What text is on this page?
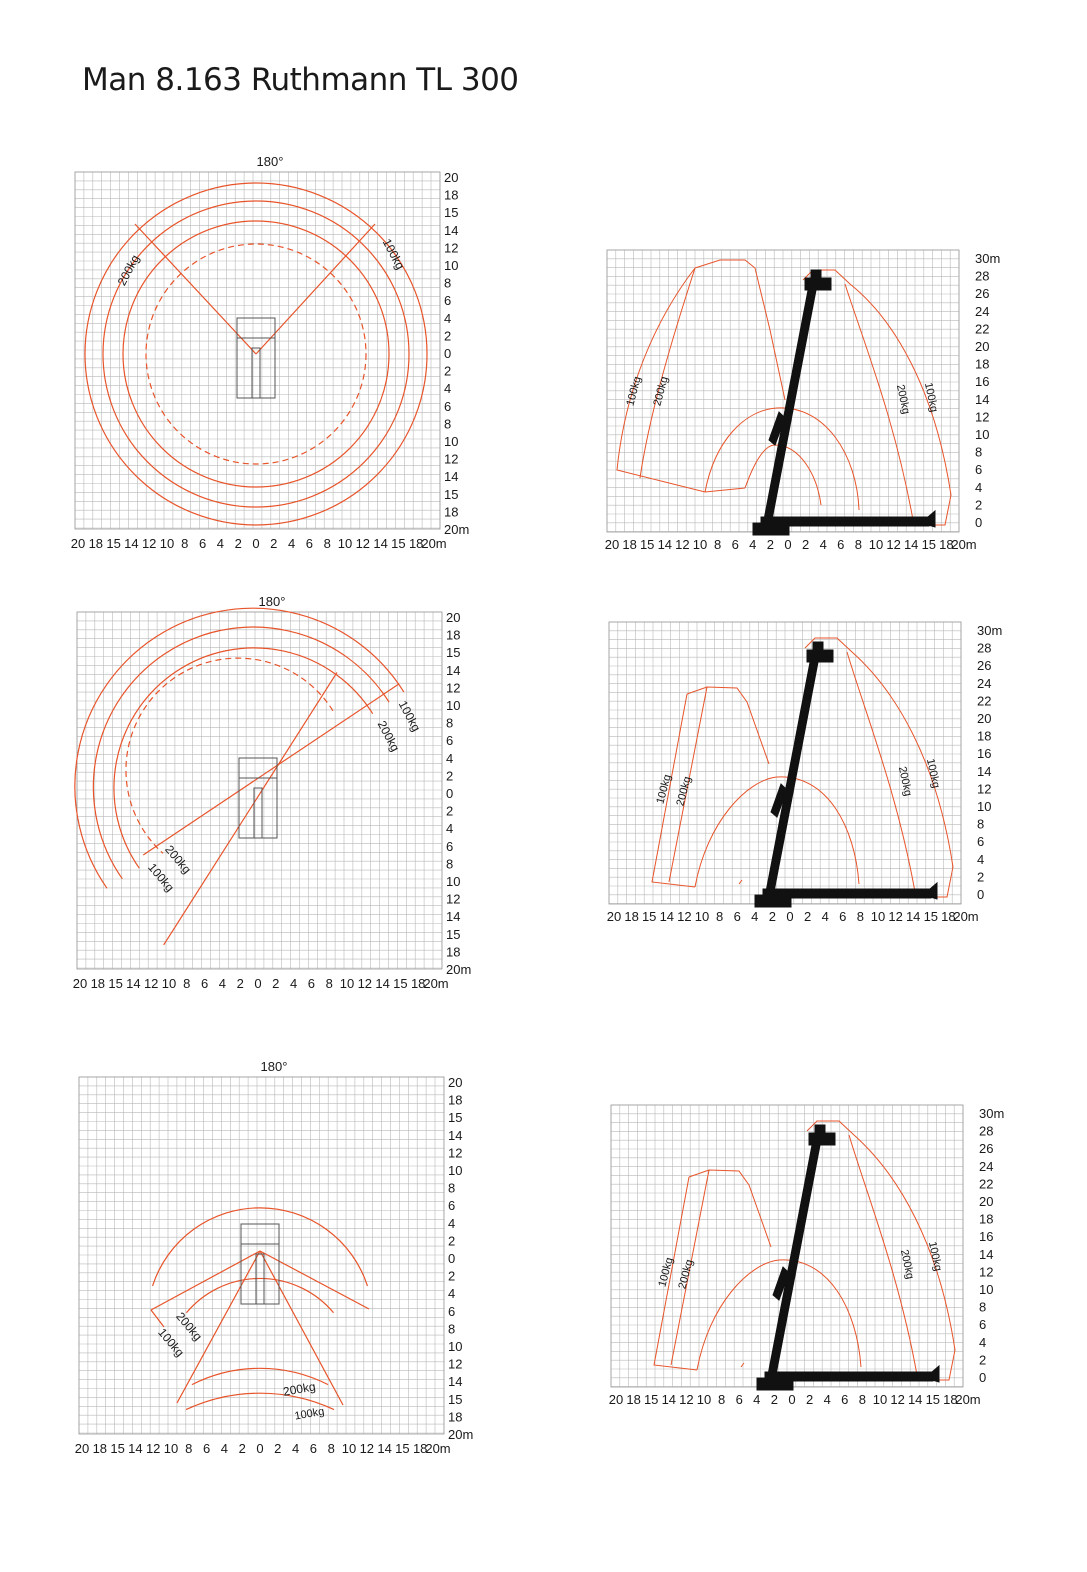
Man 8.163 Ruthmann TL 300
180°
20 18 15 14 12 10 8 6 4 2 0 2 4 6 8 10 12 14 15 18
20m
20
18
15
14
12
10
8
6
4
2
0
2
4
6
8
10
12
14
15
18
20m
200kg	100kg
20 18 15 14 12 10 8 6 4 2 0 2 4 6 8 10 12 14 15 18
20m
30m
28
26
24
22
20
18
16
14
12
10
8
6
4
2
0
100kg 200kg	200kg 100kg
180°
20 18 15 14 12 10 8 6 4 2 0 2 4 6 8 10 12 14 15 18
20m
20
18
15
14
12
10
8
6
4
2
0
2
4
6
8
10
12
14
15
18
20m
100kg
200kg
200kg
100kg
20 18 15 14 12 10 8 6 4 2 0 2 4 6 8 10 12 14 15 18
20m
30m
28
26
24
22
20
18
16
14
12
10
8
6
4
2
0
100kg 200kg	200kg 100kg
180°
20 18 15 14 12 10 8 6 4 2 0 2 4 6 8 10 12 14 15 18
20m
20
18
15
14
12
10
8
6
4
2
0
2
4
6
8
10
12
14
15
18
20m
200kg
100kg
200kg
100kg
20 18 15 14 12 10 8 6 4 2 0 2 4 6 8 10 12 14 15 18
20m
30m
28
26
24
22
20
18
16
14
12
10
8
6
4
2
0
100kg 200kg	200kg 100kg
